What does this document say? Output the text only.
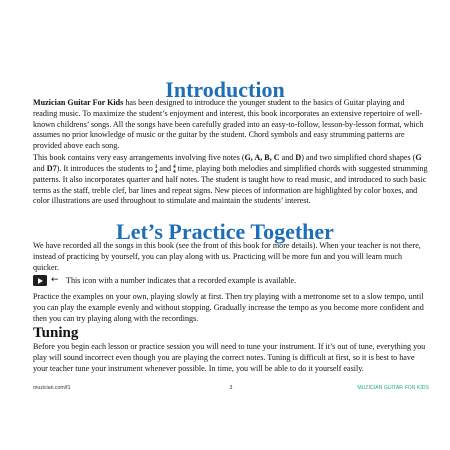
Introduction

Muzician Guitar For Kids has been designed to introduce the younger student to the basics of Guitar playing and reading music. To maximize the student’s enjoyment and interest, this book incorporates an extensive repertoire of well-known childrens’ songs. All the songs have been carefully graded into an easy-to-follow, lesson-by-lesson format, which assumes no prior knowledge of music or the guitar by the student. Chord symbols and easy strumming patterns are provided above each song.

This book contains very easy arrangements involving five notes (G, A, B, C and D) and two simplified chord shapes (G and D7). It introduces the students to 3
4 and 4
4 time, playing both melodies and simplified chords with suggested strumming patterns. It also incorporates quarter and half notes. The student is taught how to read music, and introduced to such basic terms as the staff, treble clef, bar lines and repeat signs. New pieces of information are highlighted by color boxes, and color illustrations are used throughout to stimulate and maintain the students’ interest.

Let’s Practice Together

We have recorded all the songs in this book (see the front of this book for more details). When your teacher is not there, instead of practicing by yourself, you can play along with us. Practicing will be more fun and you will learn much quicker.

← This icon with a number indicates that a recorded example is available.

Practice the examples on your own, playing slowly at first. Then try playing with a metronome set to a slow tempo, until you can play the example evenly and without stopping. Gradually increase the tempo as you become more confident and then you can try playing along with the recordings.

Tuning

Before you begin each lesson or practice session you will need to tune your instrument. If it’s out of tune, everything you play will sound incorrect even though you are playing the correct notes. Tuning is difficult at first, so it is best to have your teacher tune your instrument whenever possible. In time, you will be able to do it yourself easily.

muzician.com/f1	3	MUZICIAN GUITAR FOR KIDS
